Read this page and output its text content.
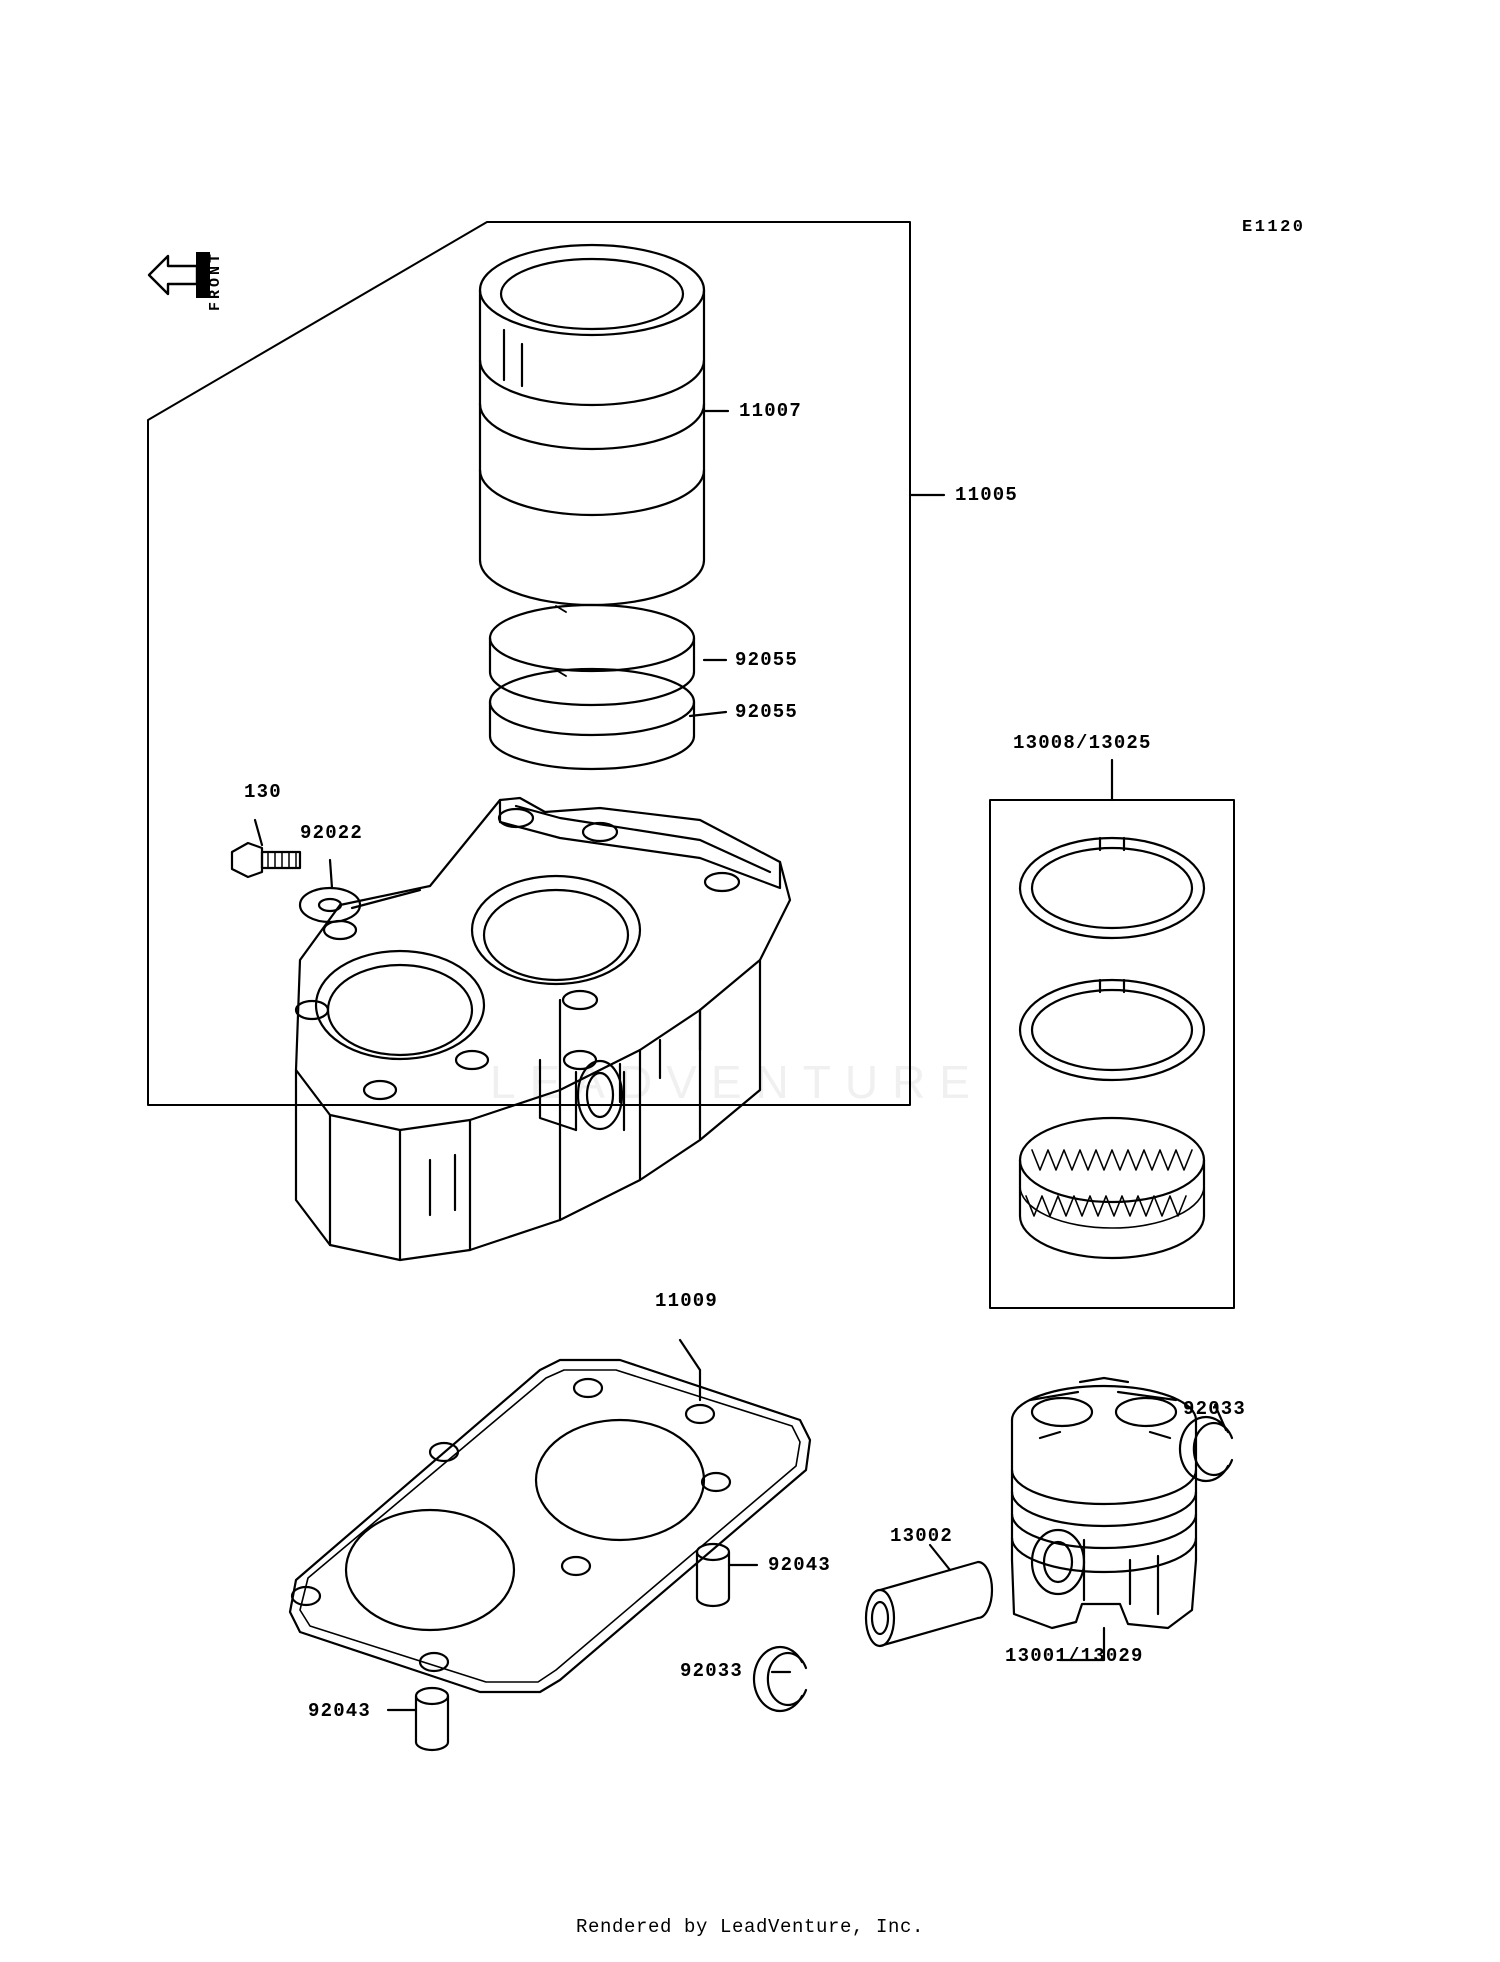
LEADVENTURE
FRONT
E1120
11007
11005
92055
92055
130
92022
13008/13025
11009
92033
13002
92043
13001/13029
92033
92043
Rendered by LeadVenture, Inc.
